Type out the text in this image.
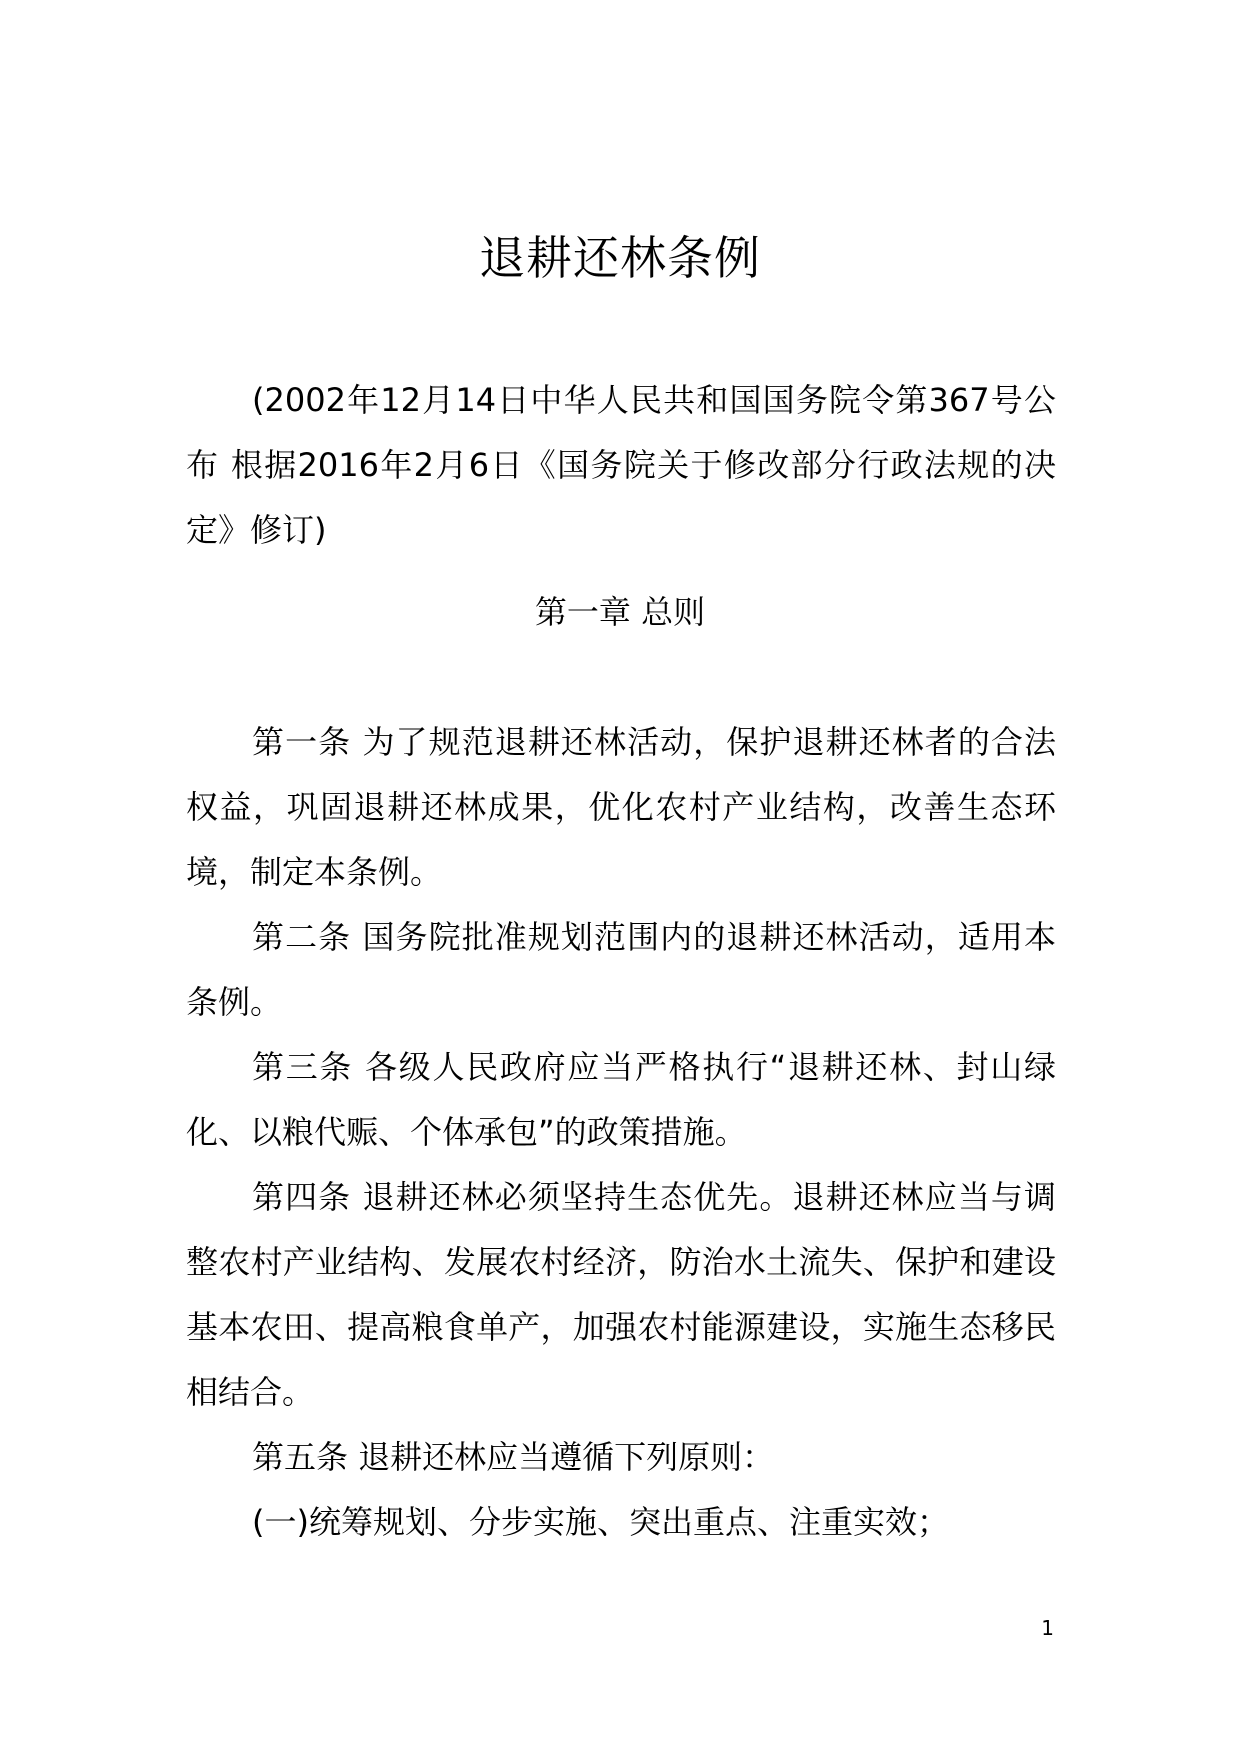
退耕还林条例

(2002年12月14日中华人民共和国国务院令第367号公布 根据2016年2月6日《国务院关于修改部分行政法规的决定》修订)

第一章 总则

第一条 为了规范退耕还林活动，保护退耕还林者的合法权益，巩固退耕还林成果，优化农村产业结构，改善生态环境，制定本条例。

第二条 国务院批准规划范围内的退耕还林活动，适用本条例。

第三条 各级人民政府应当严格执行“退耕还林、封山绿化、以粮代赈、个体承包”的政策措施。

第四条 退耕还林必须坚持生态优先。退耕还林应当与调整农村产业结构、发展农村经济，防治水土流失、保护和建设基本农田、提高粮食单产，加强农村能源建设，实施生态移民相结合。

第五条 退耕还林应当遵循下列原则：

(一)统筹规划、分步实施、突出重点、注重实效；

1
